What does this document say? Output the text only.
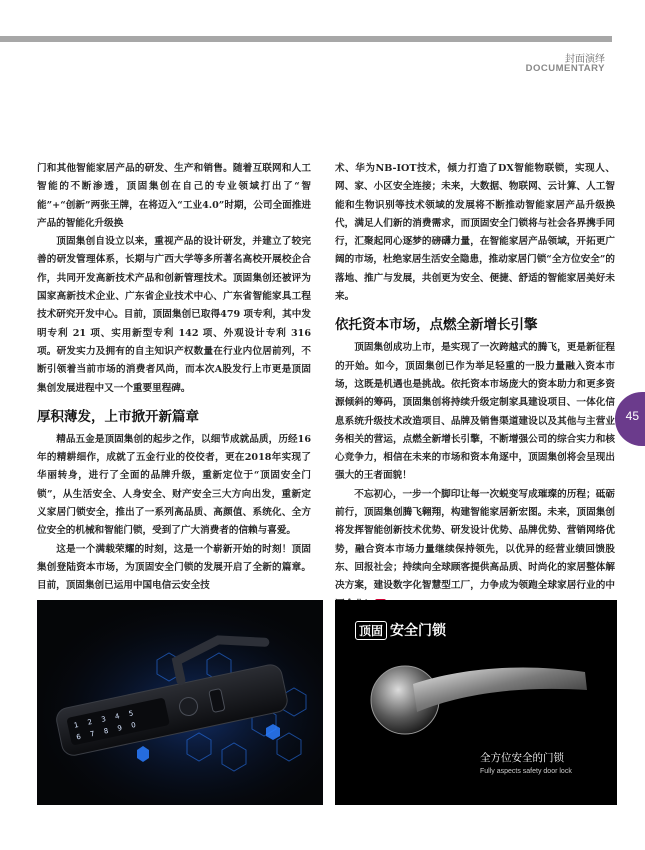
封面演绎
DOCUMENTARY
45

门和其他智能家居产品的研发、生产和销售。随着互联网和人工智能的不断渗透，顶固集创在自己的专业领域打出了“智能”+“创新”两张王牌，在将迈入“工业4.0”时期，公司全面推进产品的智能化升级换

顶固集创自设立以来，重视产品的设计研发，并建立了较完善的研发管理体系，长期与广西大学等多所著名高校开展校企合作，共同开发高新技术产品和创新管理技术。顶固集创还被评为国家高新技术企业、广东省企业技术中心、广东省智能家具工程技术研究开发中心。目前，顶固集创已取得479 项专利，其中发明专利 21 项、实用新型专利 142 项、外观设计专利 316 项。研发实力及拥有的自主知识产权数量在行业内位居前列，不断引领着当前市场的消费者风尚，而本次A股发行上市更是顶固集创发展进程中又一个重要里程碑。

厚积薄发，上市掀开新篇章

精品五金是顶固集创的起步之作，以细节成就品质，历经16年的精耕细作，成就了五金行业的佼佼者，更在2018年实现了华丽转身，进行了全面的品牌升级，重新定位于“顶固安全门锁”，从生活安全、人身安全、财产安全三大方向出发，重新定义家居门锁安全，推出了一系列高品质、高颜值、系统化、全方位安全的机械和智能门锁，受到了广大消费者的信赖与喜爱。

这是一个满载荣耀的时刻，这是一个崭新开始的时刻！顶固集创登陆资本市场，为顶固安全门锁的发展开启了全新的篇章。目前，顶固集创已运用中国电信云安全技

术、华为NB-IOT技术，倾力打造了DX智能物联锁，实现人、网、家、小区安全连接；未来，大数据、物联网、云计算、人工智能和生物识别等技术领域的发展将不断推动智能家居产品升级换代，满足人们新的消费需求，而顶固安全门锁将与社会各界携手同行，汇聚起同心逐梦的磅礴力量，在智能家居产品领域，开拓更广阔的市场，杜绝家居生活安全隐患，推动家居门锁“全方位安全”的落地、推广与发展，共创更为安全、便捷、舒适的智能家居美好未来。

依托资本市场，点燃全新增长引擎

顶固集创成功上市，是实现了一次跨越式的腾飞，更是新征程的开始。如今，顶固集创已作为举足轻重的一股力量融入资本市场，这既是机遇也是挑战。依托资本市场庞大的资本助力和更多资源倾斜的筹码，顶固集创将持续升级定制家具建设项目、一体化信息系统升级技术改造项目、品牌及销售渠道建设以及其他与主营业务相关的营运，点燃全新增长引擎，不断增强公司的综合实力和核心竞争力，相信在未来的市场和资本角逐中，顶固集创将会呈现出强大的王者面貌！

不忘初心，一步一个脚印让每一次蜕变写成璀璨的历程；砥砺前行，顶固集创腾飞翱翔，构建智能家居新宏图。未来，顶固集创将发挥智能创新技术优势、研发设计优势、品牌优势、营销网络优势，融合资本市场力量继续保持领先，以优异的经营业绩回馈股东、回报社会；持续向全球顾客提供高品质、时尚化的家居整体解决方案，建设数字化智慧型工厂，力争成为领跑全球家居行业的中

1 2 3 4 5
6 7 8 9 0
顶固 安全门锁
全方位安全的门锁
Fully aspects safety door lock
